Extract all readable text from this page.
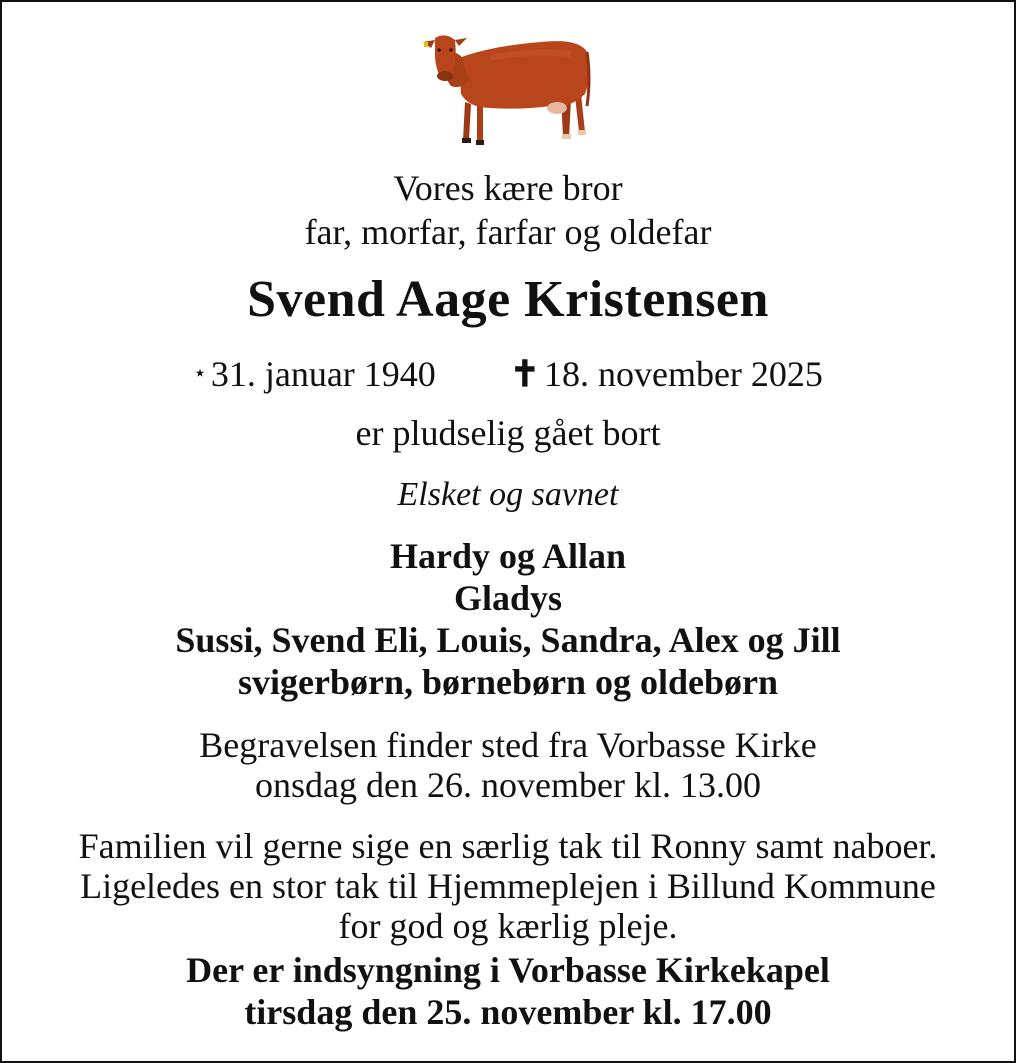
Vores kære bror
far, morfar, farfar og oldefar
Svend Aage Kristensen
⋆ 31. januar 1940 ✝ 18. november 2025
er pludselig gået bort
Elsket og savnet
Hardy og Allan
Gladys
Sussi, Svend Eli, Louis, Sandra, Alex og Jill
svigerbørn, børnebørn og oldebørn
Begravelsen finder sted fra Vorbasse Kirke
onsdag den 26. november kl. 13.00
Familien vil gerne sige en særlig tak til Ronny samt naboer.
Ligeledes en stor tak til Hjemmeplejen i Billund Kommune
for god og kærlig pleje.
Der er indsyngning i Vorbasse Kirkekapel
tirsdag den 25. november kl. 17.00
